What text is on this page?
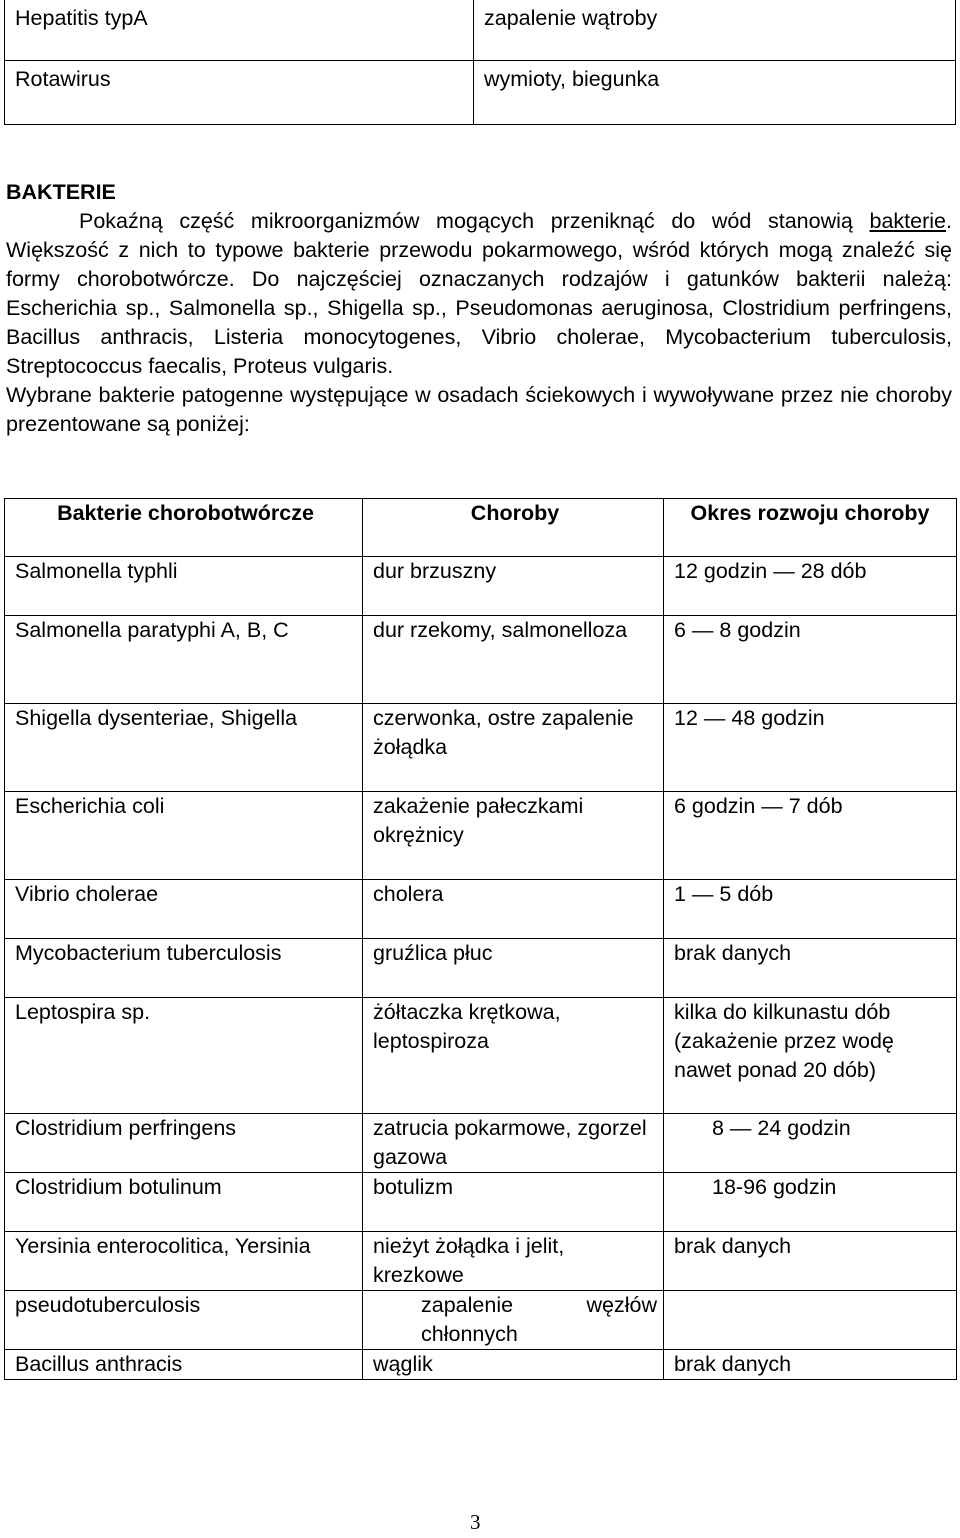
Hepatitis typA	zapalenie wątroby
Rotawirus	wymioty, biegunka
BAKTERIE
Pokaźną część mikroorganizmów mogących przeniknąć do wód stanowią bakterie. Większość z nich to typowe bakterie przewodu pokarmowego, wśród których mogą znaleźć się formy chorobotwórcze. Do najczęściej oznaczanych rodzajów i gatunków bakterii należą: Escherichia sp., Salmonella sp., Shigella sp., Pseudomonas aeruginosa, Clostridium perfringens, Bacillus anthracis, Listeria monocytogenes, Vibrio cholerae, Mycobacterium tuberculosis, Streptococcus faecalis, Proteus vulgaris.
Wybrane bakterie patogenne występujące w osadach ściekowych i wywoływane przez nie choroby prezentowane są poniżej:
Bakterie chorobotwórcze	Choroby	Okres rozwoju choroby
Salmonella typhli	dur brzuszny	12 godzin — 28 dób
Salmonella paratyphi A, B, C	dur rzekomy, salmonelloza	6 — 8 godzin
Shigella dysenteriae, Shigella	czerwonka, ostre zapalenie żołądka	12 — 48 godzin
Escherichia coli	zakażenie pałeczkami okrężnicy	6 godzin — 7 dób
Vibrio cholerae	cholera	1 — 5 dób
Mycobacterium tuberculosis	gruźlica płuc	brak danych
Leptospira sp.	żółtaczka krętkowa, leptospiroza	kilka do kilkunastu dób (zakażenie przez wodę nawet ponad 20 dób)
Clostridium perfringens	zatrucia pokarmowe, zgorzel gazowa	8 — 24 godzin
Clostridium botulinum	botulizm	18-96 godzin
Yersinia enterocolitica, Yersinia	nieżyt żołądka i jelit, krezkowe	brak danych
pseudotuberculosis	zapalenie węzłów chłonnych	

Bacillus anthracis	wąglik	brak danych
3
